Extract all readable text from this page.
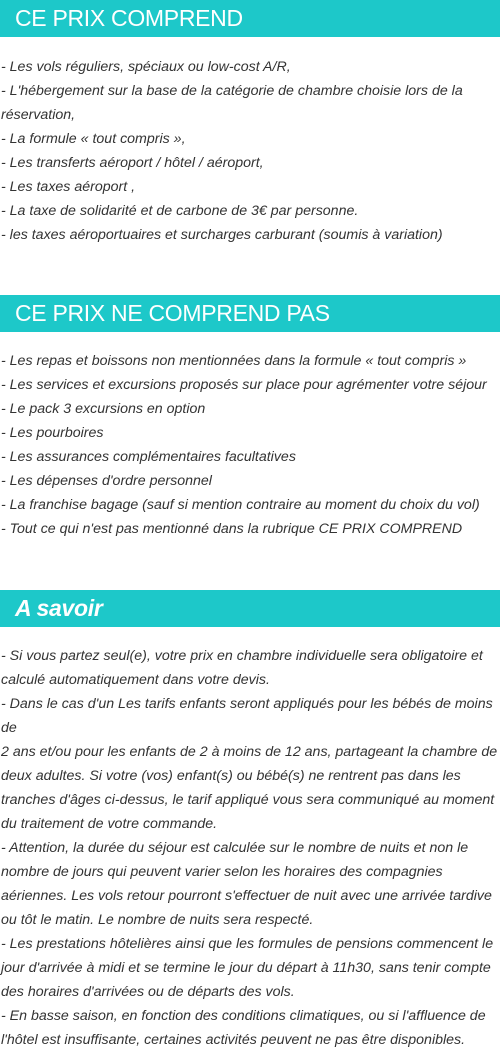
CE PRIX COMPREND
- Les vols réguliers, spéciaux ou low-cost A/R,
- L'hébergement sur la base de la catégorie de chambre choisie lors de la
réservation,
- La formule « tout compris »,
- Les transferts aéroport / hôtel / aéroport,
- Les taxes aéroport ,
- La taxe de solidarité et de carbone de 3€ par personne.
- les taxes aéroportuaires et surcharges carburant (soumis à variation)
CE PRIX NE COMPREND PAS
- Les repas et boissons non mentionnées dans la formule « tout compris »
- Les services et excursions proposés sur place pour agrémenter votre séjour
- Le pack 3 excursions en option
- Les pourboires
- Les assurances complémentaires facultatives
- Les dépenses d'ordre personnel
- La franchise bagage (sauf si mention contraire au moment du choix du vol)
- Tout ce qui n'est pas mentionné dans la rubrique CE PRIX COMPREND
A savoir
- Si vous partez seul(e), votre prix en chambre individuelle sera obligatoire et
calculé automatiquement dans votre devis.
- Dans le cas d'un Les tarifs enfants seront appliqués pour les bébés de moins de
2 ans et/ou pour les enfants de 2 à moins de 12 ans, partageant la chambre de
deux adultes. Si votre (vos) enfant(s) ou bébé(s) ne rentrent pas dans les
tranches d'âges ci-dessus, le tarif appliqué vous sera communiqué au moment
du traitement de votre commande.
- Attention, la durée du séjour est calculée sur le nombre de nuits et non le
nombre de jours qui peuvent varier selon les horaires des compagnies
aériennes. Les vols retour pourront s'effectuer de nuit avec une arrivée tardive
ou tôt le matin. Le nombre de nuits sera respecté.
- Les prestations hôtelières ainsi que les formules de pensions commencent le
jour d'arrivée à midi et se termine le jour du départ à 11h30, sans tenir compte
des horaires d'arrivées ou de départs des vols.
- En basse saison, en fonction des conditions climatiques, ou si l'affluence de
l'hôtel est insuffisante, certaines activités peuvent ne pas être disponibles.
